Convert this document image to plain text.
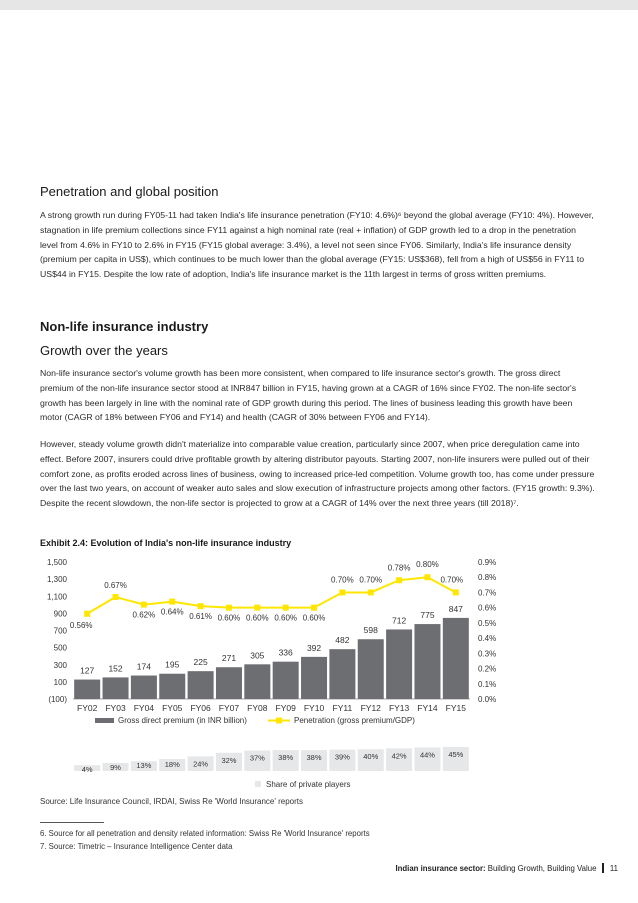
Penetration and global position

A strong growth run during FY05-11 had taken India's life insurance penetration (FY10: 4.6%)⁶ beyond the global average (FY10: 4%). However, stagnation in life premium collections since FY11 against a high nominal rate (real + inflation) of GDP growth led to a drop in the penetration level from 4.6% in FY10 to 2.6% in FY15 (FY15 global average: 3.4%), a level not seen since FY06. Similarly, India's life insurance density (premium per capita in US$), which continues to be much lower than the global average (FY15: US$368), fell from a high of US$56 in FY11 to US$44 in FY15. Despite the low rate of adoption, India's life insurance market is the 11th largest in terms of gross written premiums.

Non-life insurance industry
Growth over the years

Non-life insurance sector's volume growth has been more consistent, when compared to life insurance sector's growth. The gross direct premium of the non-life insurance sector stood at INR847 billion in FY15, having grown at a CAGR of 16% since FY02. The non-life sector's growth has been largely in line with the nominal rate of GDP growth during this period. The lines of business leading this growth have been motor (CAGR of 18% between FY06 and FY14) and health (CAGR of 30% between FY06 and FY14).

However, steady volume growth didn't materialize into comparable value creation, particularly since 2007, when price deregulation came into effect. Before 2007, insurers could drive profitable growth by altering distributor payouts. Starting 2007, non-life insurers were pulled out of their comfort zone, as profits eroded across lines of business, owing to increased price-led competition. Volume growth too, has come under pressure over the last two years, on account of weaker auto sales and slow execution of infrastructure projects among other factors. (FY15 growth: 9.3%). Despite the recent slowdown, the non-life sector is projected to grow at a CAGR of 14% over the next three years (till 2018)⁷.

Exhibit 2.4: Evolution of India's non-life insurance industry
(100)
100
300
500
700
900
1,100
1,300
1,500
0.0%
0.1%
0.2%
0.3%
0.4%
0.5%
0.6%
0.7%
0.8%
0.9%
127 152 174 195 225 271 305 336 392
482
598
712
775
847
FY02 FY03 FY04 FY05 FY06 FY07 FY08 FY09 FY10 FY11 FY12 FY13 FY14 FY15
0.56%
0.67%
0.62% 0.64%
0.61% 0.60% 0.60% 0.60% 0.60%
0.70% 0.70%
0.78% 0.80%
0.70%
Gross direct premium (in INR billion)	Penetration (gross premium/GDP)
4% 9% 13% 18% 24% 32% 37% 38% 38% 39% 40% 42% 44% 45%
Share of private players
Source: Life Insurance Council, IRDAI, Swiss Re 'World Insurance' reports
6. Source for all penetration and density related information: Swiss Re 'World Insurance' reports
7. Source: Timetric – Insurance Intelligence Center data
Indian insurance sector: Building Growth, Building Value 11
